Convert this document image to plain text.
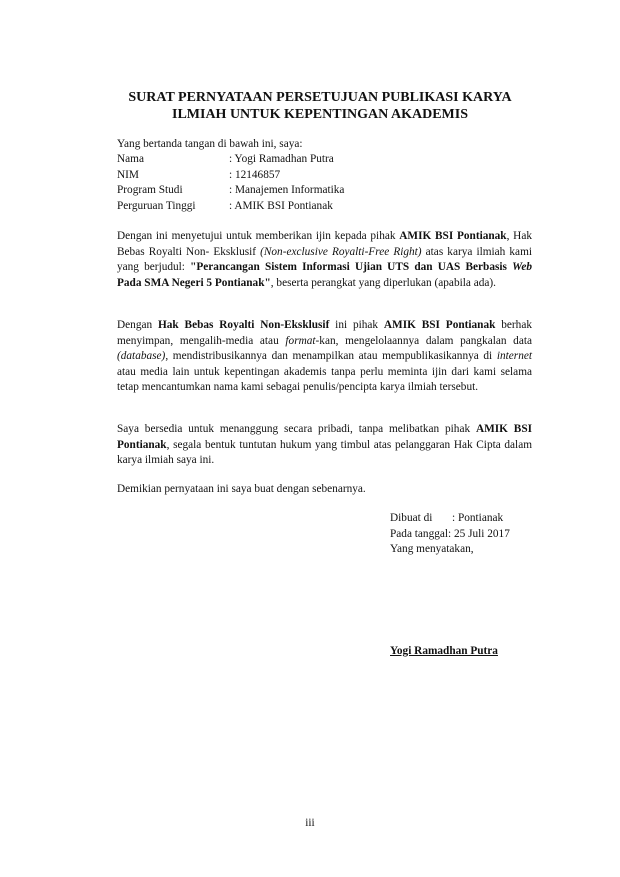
SURAT PERNYATAAN PERSETUJUAN PUBLIKASI KARYA
ILMIAH UNTUK KEPENTINGAN AKADEMIS
Yang bertanda tangan di bawah ini, saya:
Nama	: Yogi Ramadhan Putra
NIM	: 12146857
Program Studi	: Manajemen Informatika
Perguruan Tinggi	: AMIK BSI Pontianak
Dengan ini menyetujui untuk memberikan ijin kepada pihak AMIK BSI Pontianak, Hak Bebas Royalti Non- Eksklusif (Non-exclusive Royalti-Free Right) atas karya ilmiah kami yang berjudul: "Perancangan Sistem Informasi Ujian UTS dan UAS Berbasis Web Pada SMA Negeri 5 Pontianak", beserta perangkat yang diperlukan (apabila ada).
Dengan Hak Bebas Royalti Non-Eksklusif ini pihak AMIK BSI Pontianak berhak menyimpan, mengalih-media atau format-kan, mengelolaannya dalam pangkalan data (database), mendistribusikannya dan menampilkan atau mempublikasikannya di internet atau media lain untuk kepentingan akademis tanpa perlu meminta ijin dari kami selama tetap mencantumkan nama kami sebagai penulis/pencipta karya ilmiah tersebut.
Saya bersedia untuk menanggung secara pribadi, tanpa melibatkan pihak AMIK BSI Pontianak, segala bentuk tuntutan hukum yang timbul atas pelanggaran Hak Cipta dalam karya ilmiah saya ini.
Demikian pernyataan ini saya buat dengan sebenarnya.
Dibuat di : Pontianak
Pada tanggal: 25 Juli 2017
Yang menyatakan,
Yogi Ramadhan Putra
iii
